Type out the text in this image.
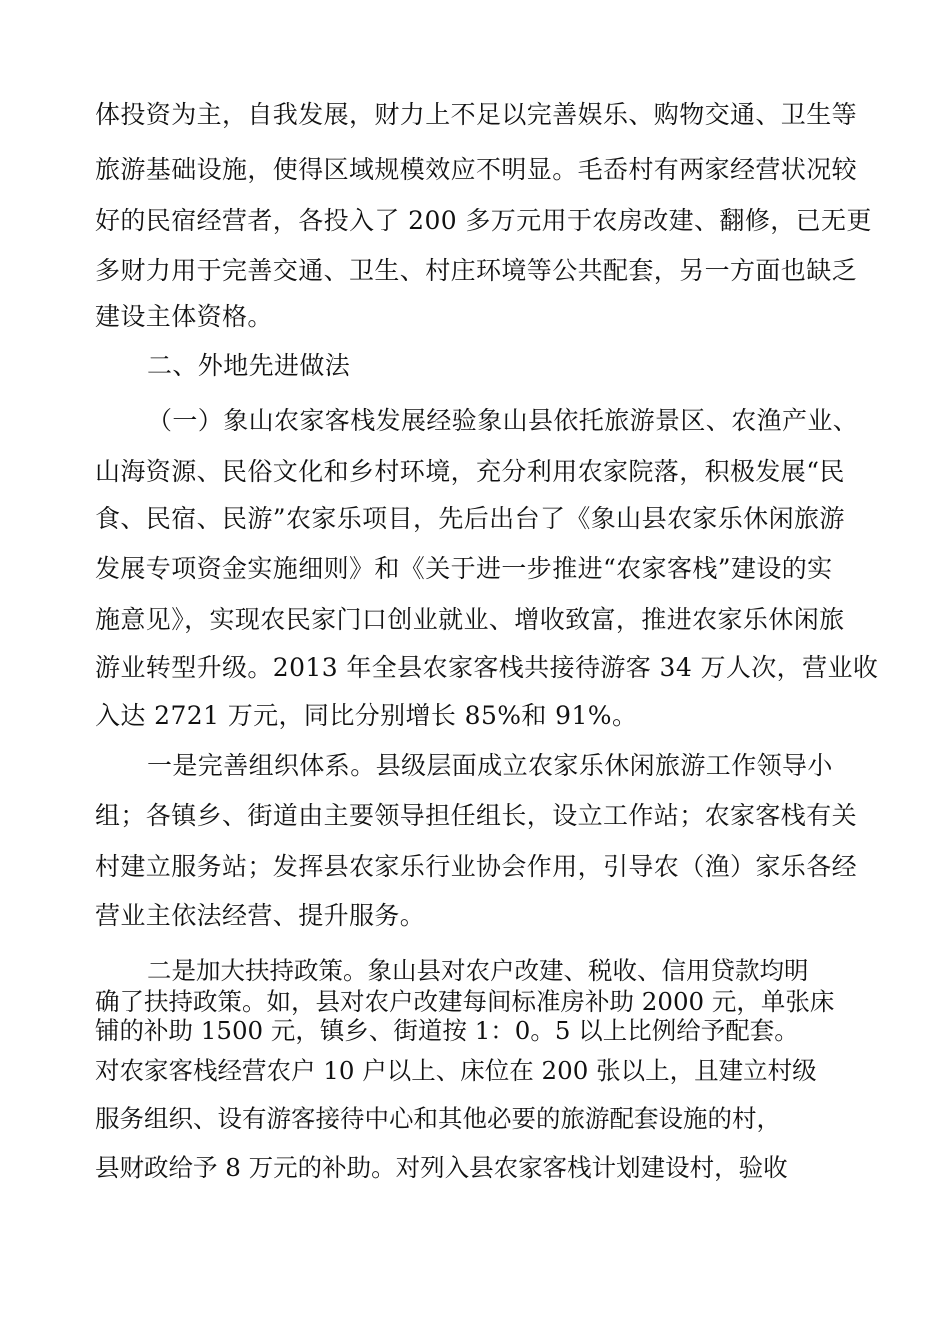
体投资为主，自我发展，财力上不足以完善娱乐、购物交通、卫生等
旅游基础设施，使得区域规模效应不明显。毛岙村有两家经营状况较
好的民宿经营者，各投入了 200 多万元用于农房改建、翻修，已无更
多财力用于完善交通、卫生、村庄环境等公共配套，另一方面也缺乏
建设主体资格。
二、外地先进做法
（一）象山农家客栈发展经验象山县依托旅游景区、农渔产业、
山海资源、民俗文化和乡村环境，充分利用农家院落，积极发展“民
食、民宿、民游”农家乐项目，先后出台了《象山县农家乐休闲旅游
发展专项资金实施细则》和《关于进一步推进“农家客栈”建设的实
施意见》，实现农民家门口创业就业、增收致富，推进农家乐休闲旅
游业转型升级。2013 年全县农家客栈共接待游客 34 万人次，营业收
入达 2721 万元，同比分别增长 85%和 91%。
一是完善组织体系。县级层面成立农家乐休闲旅游工作领导小
组；各镇乡、街道由主要领导担任组长，设立工作站；农家客栈有关
村建立服务站；发挥县农家乐行业协会作用，引导农（渔）家乐各经
营业主依法经营、提升服务。
二是加大扶持政策。象山县对农户改建、税收、信用贷款均明
确了扶持政策。如，县对农户改建每间标准房补助 2000 元，单张床
铺的补助 1500 元，镇乡、街道按 1：0。5 以上比例给予配套。
对农家客栈经营农户 10 户以上、床位在 200 张以上，且建立村级
服务组织、设有游客接待中心和其他必要的旅游配套设施的村，
县财政给予 8 万元的补助。对列入县农家客栈计划建设村，验收
